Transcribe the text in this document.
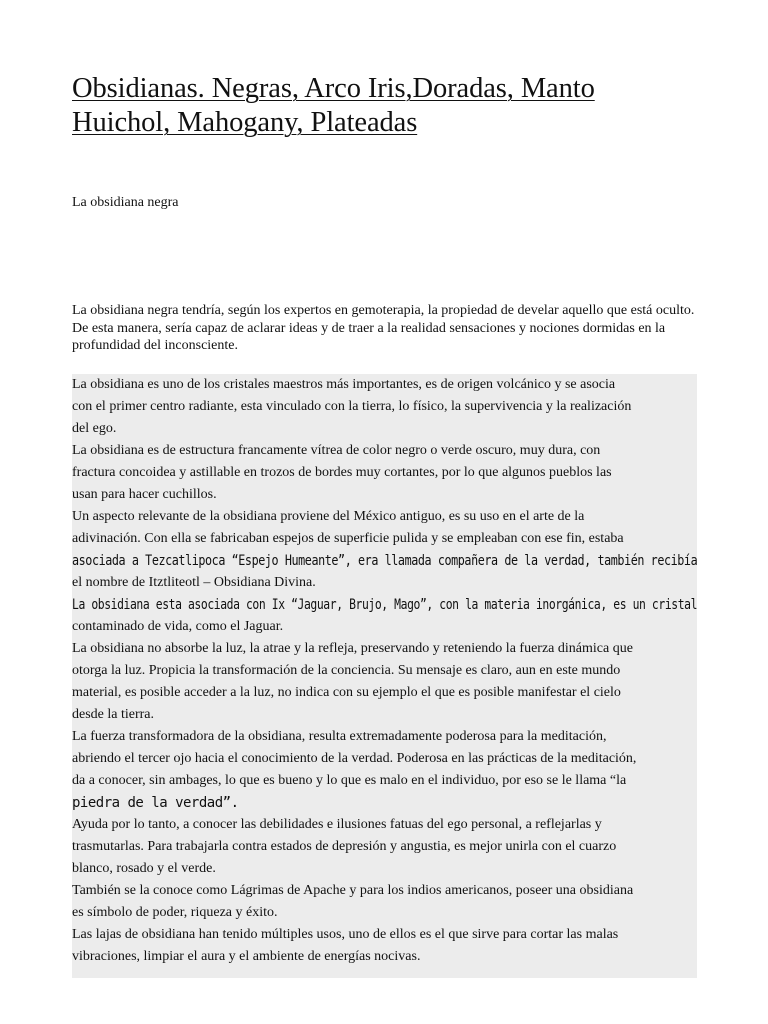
Obsidianas. Negras, Arco Iris,Doradas, Manto Huichol, Mahogany, Plateadas

La obsidiana negra

La obsidiana negra tendría, según los expertos en gemoterapia, la propiedad de develar aquello que está oculto. De esta manera, sería capaz de aclarar ideas y de traer a la realidad sensaciones y nociones dormidas en la profundidad del inconsciente.

La obsidiana es uno de los cristales maestros más importantes, es de origen volcánico y se asocia
con el primer centro radiante, esta vinculado con la tierra, lo físico, la supervivencia y la realización
del ego.
La obsidiana es de estructura francamente vítrea de color negro o verde oscuro, muy dura, con
fractura concoidea y astillable en trozos de bordes muy cortantes, por lo que algunos pueblos las
usan para hacer cuchillos.
Un aspecto relevante de la obsidiana proviene del México antiguo, es su uso en el arte de la
adivinación. Con ella se fabricaban espejos de superficie pulida y se empleaban con ese fin, estaba
asociada a Tezcatlipoca “Espejo Humeante”, era llamada compañera de la verdad, también recibía
el nombre de Itztliteotl – Obsidiana Divina.
La obsidiana esta asociada con Ix “Jaguar, Brujo, Mago”, con la materia inorgánica, es un cristal
contaminado de vida, como el Jaguar.
La obsidiana no absorbe la luz, la atrae y la refleja, preservando y reteniendo la fuerza dinámica que
otorga la luz. Propicia la transformación de la conciencia. Su mensaje es claro, aun en este mundo
material, es posible acceder a la luz, no indica con su ejemplo el que es posible manifestar el cielo
desde la tierra.
La fuerza transformadora de la obsidiana, resulta extremadamente poderosa para la meditación,
abriendo el tercer ojo hacia el conocimiento de la verdad. Poderosa en las prácticas de la meditación,
da a conocer, sin ambages, lo que es bueno y lo que es malo en el individuo, por eso se le llama “la
piedra de la verdad”.
Ayuda por lo tanto, a conocer las debilidades e ilusiones fatuas del ego personal, a reflejarlas y
trasmutarlas. Para trabajarla contra estados de depresión y angustia, es mejor unirla con el cuarzo
blanco, rosado y el verde.
También se la conoce como Lágrimas de Apache y para los indios americanos, poseer una obsidiana
es símbolo de poder, riqueza y éxito.
Las lajas de obsidiana han tenido múltiples usos, uno de ellos es el que sirve para cortar las malas
vibraciones, limpiar el aura y el ambiente de energías nocivas.
